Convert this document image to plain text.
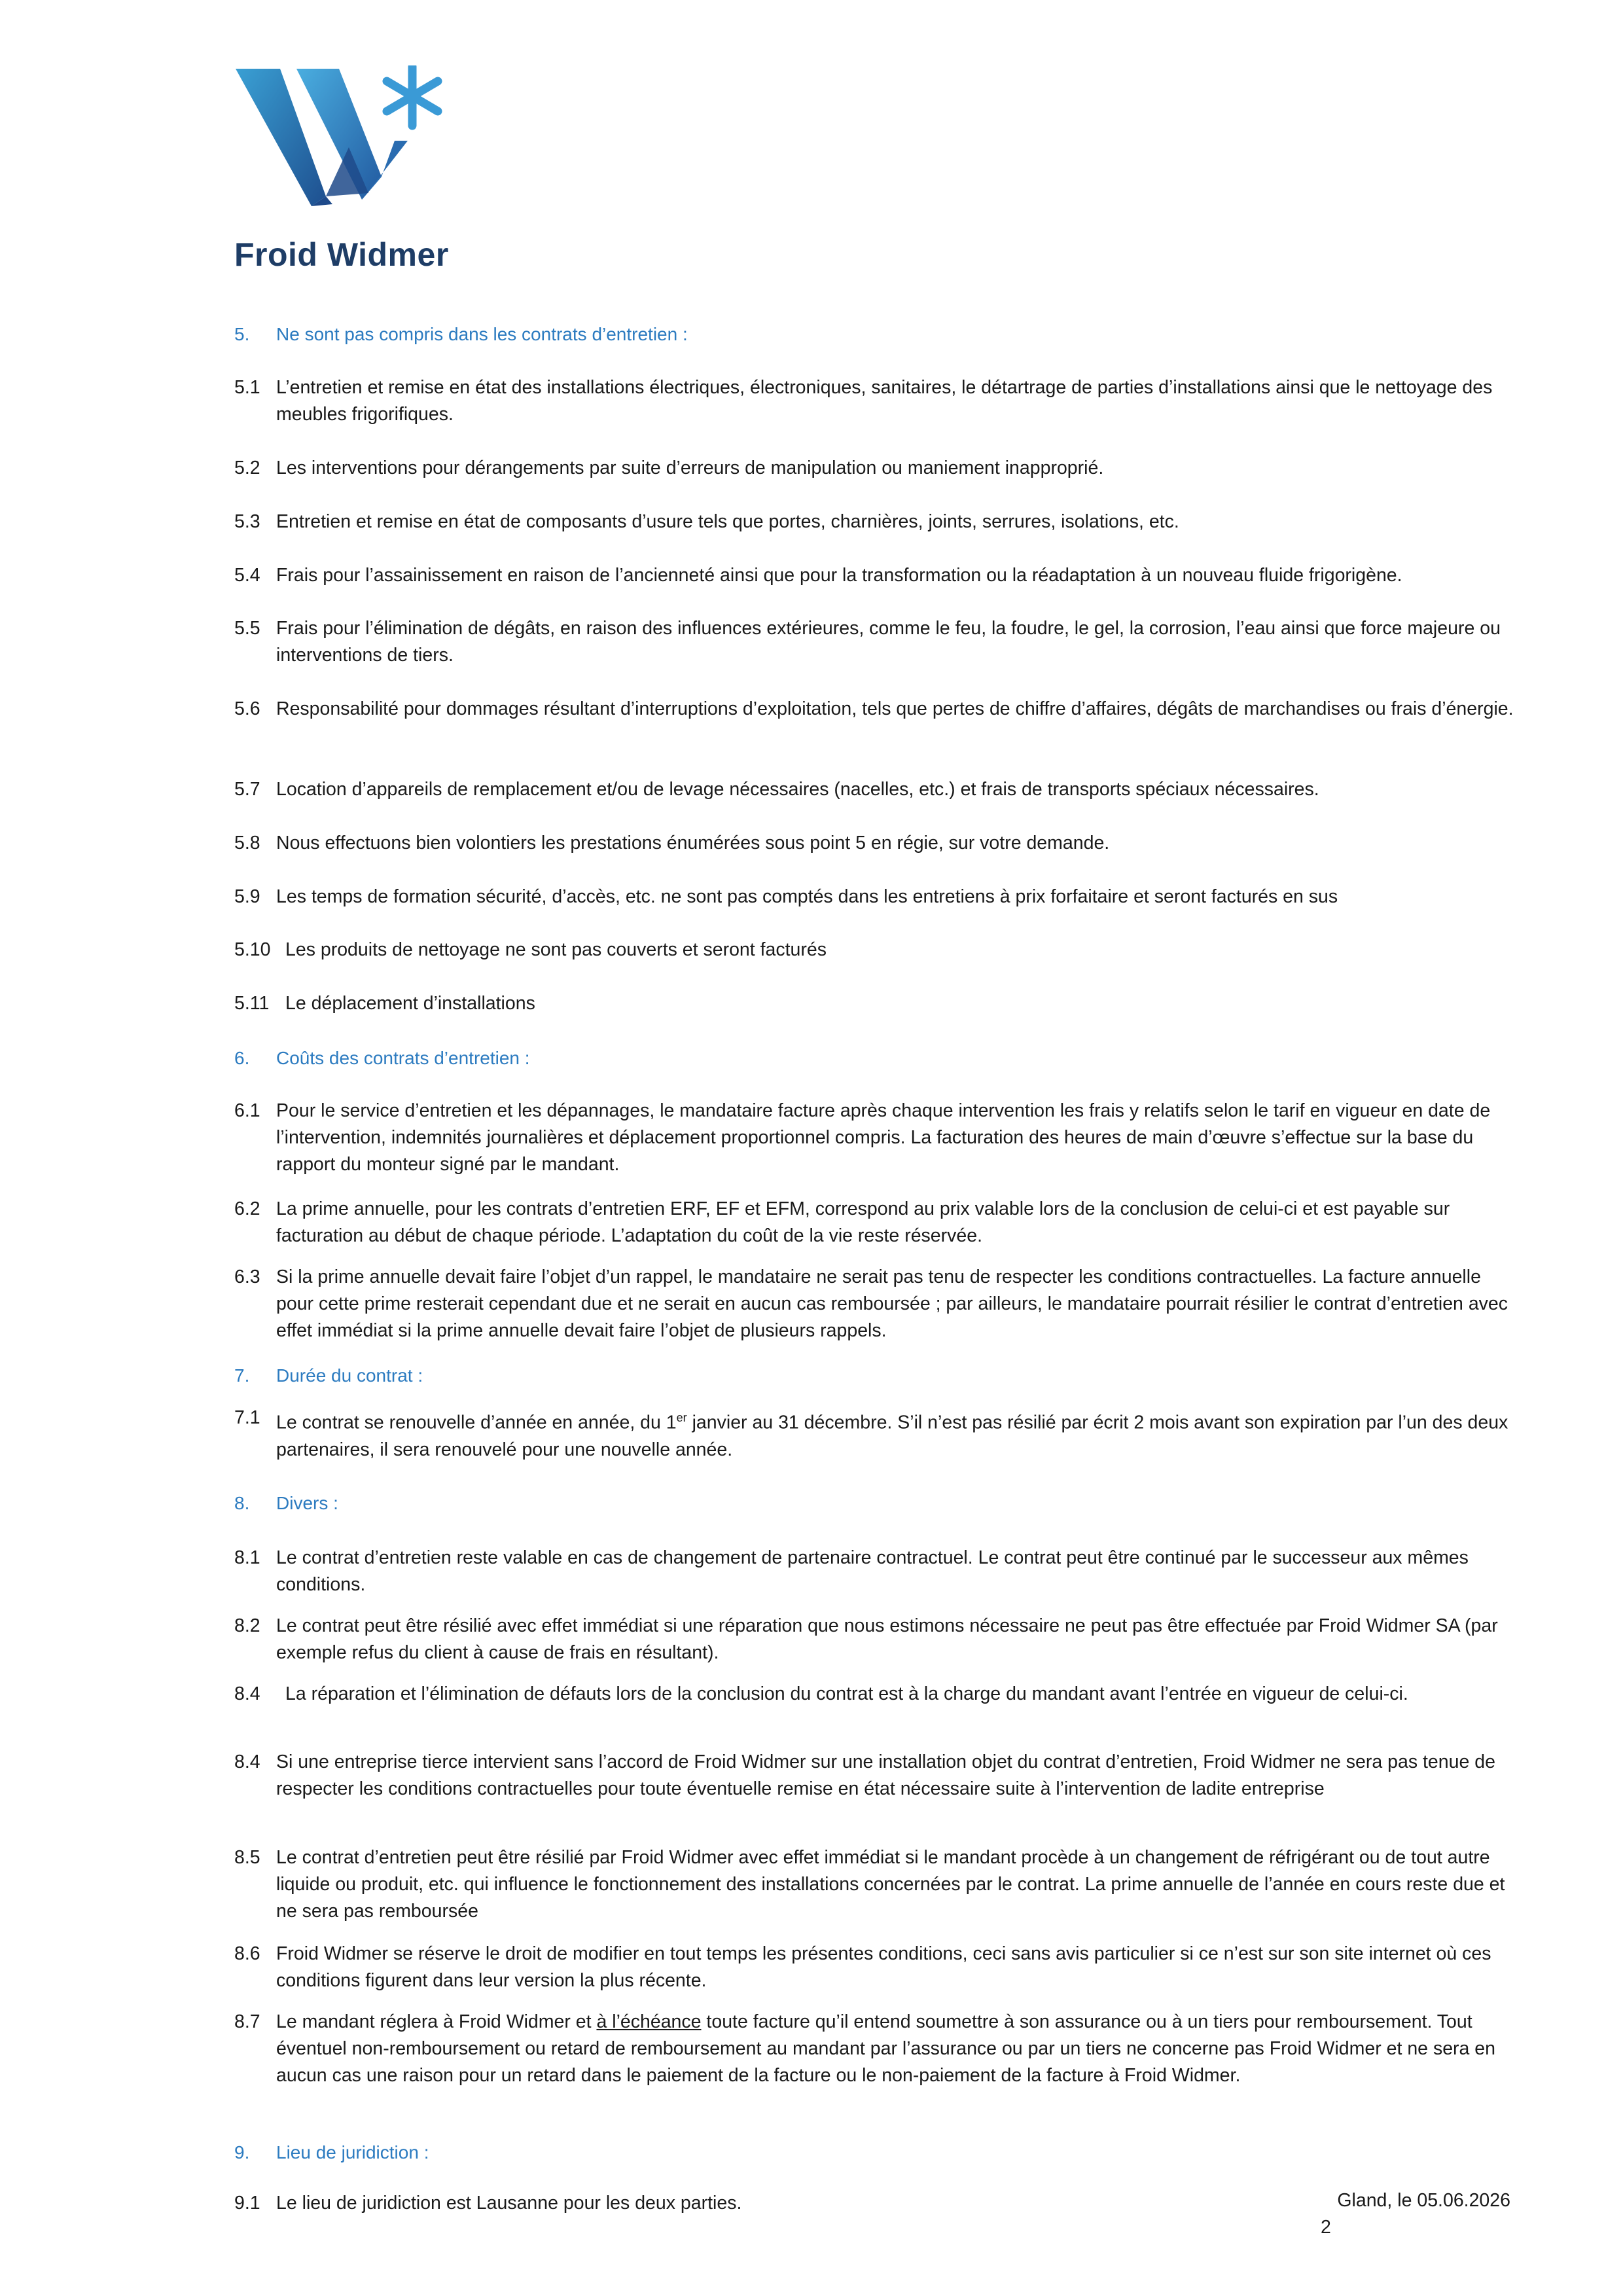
Froid Widmer
5.	Ne sont pas compris dans les contrats d’entretien :
5.1 L’entretien et remise en état des installations électriques, électroniques, sanitaires, le détartrage de parties d’installations ainsi que le nettoyage des meubles frigorifiques.
5.2 Les interventions pour dérangements par suite d’erreurs de manipulation ou maniement inapproprié.
5.3 Entretien et remise en état de composants d’usure tels que portes, charnières, joints, serrures, isolations, etc.
5.4 Frais pour l’assainissement en raison de l’ancienneté ainsi que pour la transformation ou la réadaptation à un nouveau fluide frigorigène.
5.5 Frais pour l’élimination de dégâts, en raison des influences extérieures, comme le feu, la foudre, le gel, la corrosion, l’eau ainsi que force majeure ou interventions de tiers.
5.6 Responsabilité pour dommages résultant d’interruptions d’exploitation, tels que pertes de chiffre d’affaires, dégâts de marchandises ou frais d’énergie.
5.7 Location d’appareils de remplacement et/ou de levage nécessaires (nacelles, etc.) et frais de transports spéciaux nécessaires.
5.8 Nous effectuons bien volontiers les prestations énumérées sous point 5 en régie, sur votre demande.
5.9 Les temps de formation sécurité, d’accès, etc. ne sont pas comptés dans les entretiens à prix forfaitaire et seront facturés en sus
5.10 Les produits de nettoyage ne sont pas couverts et seront facturés
5.11 Le déplacement d’installations
6.	Coûts des contrats d’entretien :
6.1 Pour le service d’entretien et les dépannages, le mandataire facture après chaque intervention les frais y relatifs selon le tarif en vigueur en date de l’intervention, indemnités journalières et déplacement proportionnel compris. La facturation des heures de main d’œuvre s’effectue sur la base du rapport du monteur signé par le mandant.
6.2 La prime annuelle, pour les contrats d’entretien ERF, EF et EFM, correspond au prix valable lors de la conclusion de celui-ci et est payable sur facturation au début de chaque période. L’adaptation du coût de la vie reste réservée.
6.3 Si la prime annuelle devait faire l’objet d’un rappel, le mandataire ne serait pas tenu de respecter les conditions contractuelles. La facture annuelle pour cette prime resterait cependant due et ne serait en aucun cas remboursée ; par ailleurs, le mandataire pourrait résilier le contrat d’entretien avec effet immédiat si la prime annuelle devait faire l’objet de plusieurs rappels.
7.	Durée du contrat :
7.1 Le contrat se renouvelle d’année en année, du 1er janvier au 31 décembre. S’il n’est pas résilié par écrit 2 mois avant son expiration par l’un des deux partenaires, il sera renouvelé pour une nouvelle année.
8.	Divers :
8.1 Le contrat d’entretien reste valable en cas de changement de partenaire contractuel. Le contrat peut être continué par le successeur aux mêmes conditions.
8.2 Le contrat peut être résilié avec effet immédiat si une réparation que nous estimons nécessaire ne peut pas être effectuée par Froid Widmer SA (par exemple refus du client à cause de frais en résultant).
8.4	La réparation et l’élimination de défauts lors de la conclusion du contrat est à la charge du mandant avant l’entrée en vigueur de celui-ci.
8.4 Si une entreprise tierce intervient sans l’accord de Froid Widmer sur une installation objet du contrat d’entretien, Froid Widmer ne sera pas tenue de respecter les conditions contractuelles pour toute éventuelle remise en état nécessaire suite à l’intervention de ladite entreprise
8.5 Le contrat d’entretien peut être résilié par Froid Widmer avec effet immédiat si le mandant procède à un changement de réfrigérant ou de tout autre liquide ou produit, etc. qui influence le fonctionnement des installations concernées par le contrat. La prime annuelle de l’année en cours reste due et ne sera pas remboursée
8.6 Froid Widmer se réserve le droit de modifier en tout temps les présentes conditions, ceci sans avis particulier si ce n’est sur son site internet où ces conditions figurent dans leur version la plus récente.
8.7 Le mandant réglera à Froid Widmer et à l’échéance toute facture qu’il entend soumettre à son assurance ou à un tiers pour remboursement. Tout éventuel non-remboursement ou retard de remboursement au mandant par l’assurance ou par un tiers ne concerne pas Froid Widmer et ne sera en aucun cas une raison pour un retard dans le paiement de la facture ou le non-paiement de la facture à Froid Widmer.
9.	Lieu de juridiction :
9.1 Le lieu de juridiction est Lausanne pour les deux parties.	Gland, le 05.06.2026
2
